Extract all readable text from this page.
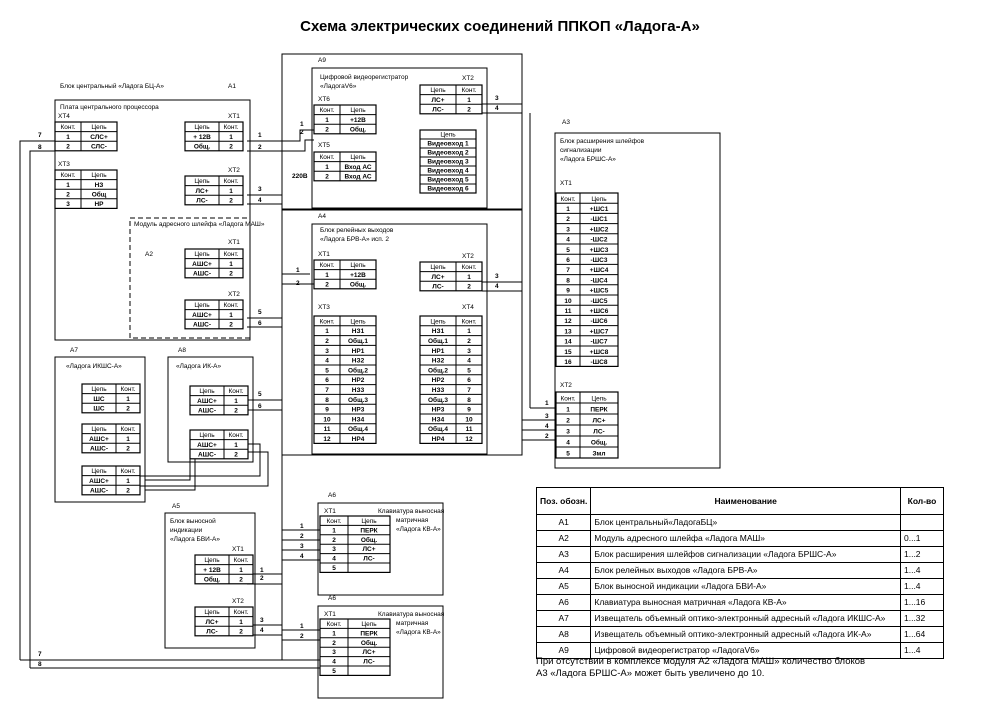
Схема электрических соединений ППКОП «Ладога-А»
Конт. Цепь
1	СЛС+
2	СЛС-
Конт. Цепь
1	НЗ
2	Общ
3	НР
Цепь Конт.
+ 12В	1
Общ.	2
Цепь Конт.
ЛС+	1
ЛС-	2
Цепь Конт.
АШС+	1
АШС-	2
Цепь Конт.
АШС+	1
АШС-	2
Цепь Конт.
ШС	1
ШС	2
Цепь Конт.
АШС+	1
АШС-	2
Цепь Конт.
АШС+	1
АШС-	2
Цепь Конт.
АШС+	1
АШС-	2
Цепь Конт.
АШС+	1
АШС-	2
Цепь Конт.
+ 12В	1
Общ.	2
Цепь Конт.
ЛС+	1
ЛС-	2
Конт. Цепь
1	+12В
2	Общ.
Конт. Цепь
1 Вход АС
2 Вход АС
Цепь Конт.
ЛС+	1
ЛС-	2
Цепь
Видеовход 1
Видеовход 2
Видеовход 3
Видеовход 4
Видеовход 5
Видеовход 6
Конт. Цепь
1	+12В
2	Общ.
Цепь Конт.
ЛС+	1
ЛС-	2
Конт. Цепь
1	НЗ1
2	Общ.1
3	НР1
4	НЗ2
5	Общ.2
6	НР2
7	НЗ3
8	Общ.3
9	НР3
10	НЗ4
11	Общ.4
12	НР4
Цепь Конт.
НЗ1	1
Общ.1	2
НР1	3
НЗ2	4
Общ.2	5
НР2	6
НЗ3	7
Общ.3	8
НР3	9
НЗ4	10
Общ.4	11
НР4	12
Конт.	Цепь
1	ПЕРК
2	Общ.
3	ЛС+
4	ЛС-
5
Конт.	Цепь
1	ПЕРК
2	Общ.
3	ЛС+
4	ЛС-
5
Конт. Цепь
1	+ШС1
2	-ШС1
3	+ШС2
4	-ШС2
5	+ШС3
6	-ШС3
7	+ШС4
8	-ШС4
9	+ШС5
10	-ШС5
11	+ШС6
12	-ШС6
13	+ШС7
14	-ШС7
15	+ШС8
16	-ШС8
Конт. Цепь
1	ПЕРК
2	ЛС+
3	ЛС-
4	Общ.
5	Змл
Блок центральный «Ладога БЦ-А»	А1
Плата центрального процессора
ХТ4
ХТ3
ХТ1
ХТ2
Модуль адресного шлейфа «Ладога МАШ»
А2
ХТ1
ХТ2
А7
«Ладога ИКШС-А»
А8
«Ладога ИК-А»
А5
Блок выносной
индикации
«Ладога БВИ-А»
ХТ1
ХТ2
А9
Цифровой видеорегистратор
«ЛадогаV6»
ХТ6
ХТ5
220В
ХТ2
А4
Блок релейных выходов
«Ладога БРВ-А» исп. 2
ХТ1	ХТ2
ХТ3	ХТ4
А6
ХТ1	Клавиатура выносная
матричная
«Ладога КВ-А»
А6
ХТ1	Клавиатура выносная
матричная
«Ладога КВ-А»
А3
Блок расширения шлейфов
сигнализации
«Ладога БРШС-А»
ХТ1
ХТ2
1
2
3
4
1
2
3
4
1
2
3
4
5
6
5
6	1
3
4
2
7
8
7
8
1
2
3
4
1
2
3
4
1
2
Поз. обозн.	Наименование	Кол-во
А1	Блок центральный«ЛадогаБЦ»	
А2	Модуль адресного шлейфа «Ладога МАШ»	0...1
А3	Блок расширения шлейфов сигнализации «Ладога БРШС-А»	1...2
А4	Блок релейных выходов «Ладога БРВ-А»	1...4
А5	Блок выносной индикации «Ладога БВИ-А»	1...4
А6	Клавиатура выносная матричная «Ладога КВ-А»	1...16
А7	Извещатель объемный оптико-электронный адресный «Ладога ИКШС-А»	1...32
А8	Извещатель объемный оптико-электронный адресный «Ладога ИК-А»	1...64
А9	Цифровой видеорегистратор «ЛадогаV6»	1...4
При отсутствии в комплексе модуля А2 «Ладога МАШ» количество блоков
А3 «Ладога БРШС-А» может быть увеличено до 10.
